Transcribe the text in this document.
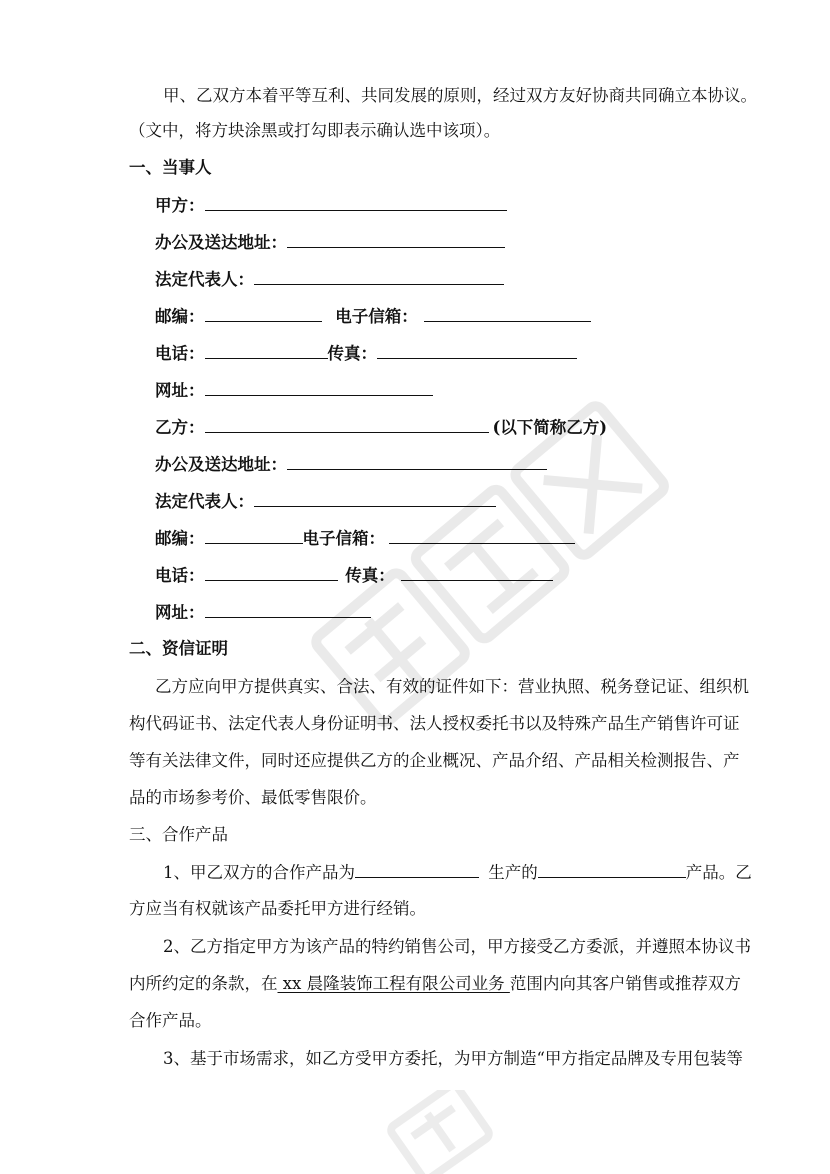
甲、乙双方本着平等互利、共同发展的原则，经过双方友好协商共同确立本协议。
（文中，将方块涂黑或打勾即表示确认选中该项）。
一、当事人
甲方：
办公及送达地址：
法定代表人：
邮编：	电子信箱：
电话：	传真：
网址：
乙方：	(以下简称乙方)
办公及送达地址：
法定代表人：
邮编：	电子信箱：
电话：	传真：
网址：
二、资信证明
乙方应向甲方提供真实、合法、有效的证件如下：营业执照、税务登记证、组织机
构代码证书、法定代表人身份证明书、法人授权委托书以及特殊产品生产销售许可证
等有关法律文件，同时还应提供乙方的企业概况、产品介绍、产品相关检测报告、产
品的市场参考价、最低零售限价。
三、合作产品
1、甲乙双方的合作产品为	生产的	产品。乙
方应当有权就该产品委托甲方进行经销。
2、乙方指定甲方为该产品的特约销售公司，甲方接受乙方委派，并遵照本协议书
内所约定的条款，在 xx 晨隆装饰工程有限公司业务 范围内向其客户销售或推荐双方
合作产品。
3、基于市场需求，如乙方受甲方委托，为甲方制造“甲方指定品牌及专用包装等
